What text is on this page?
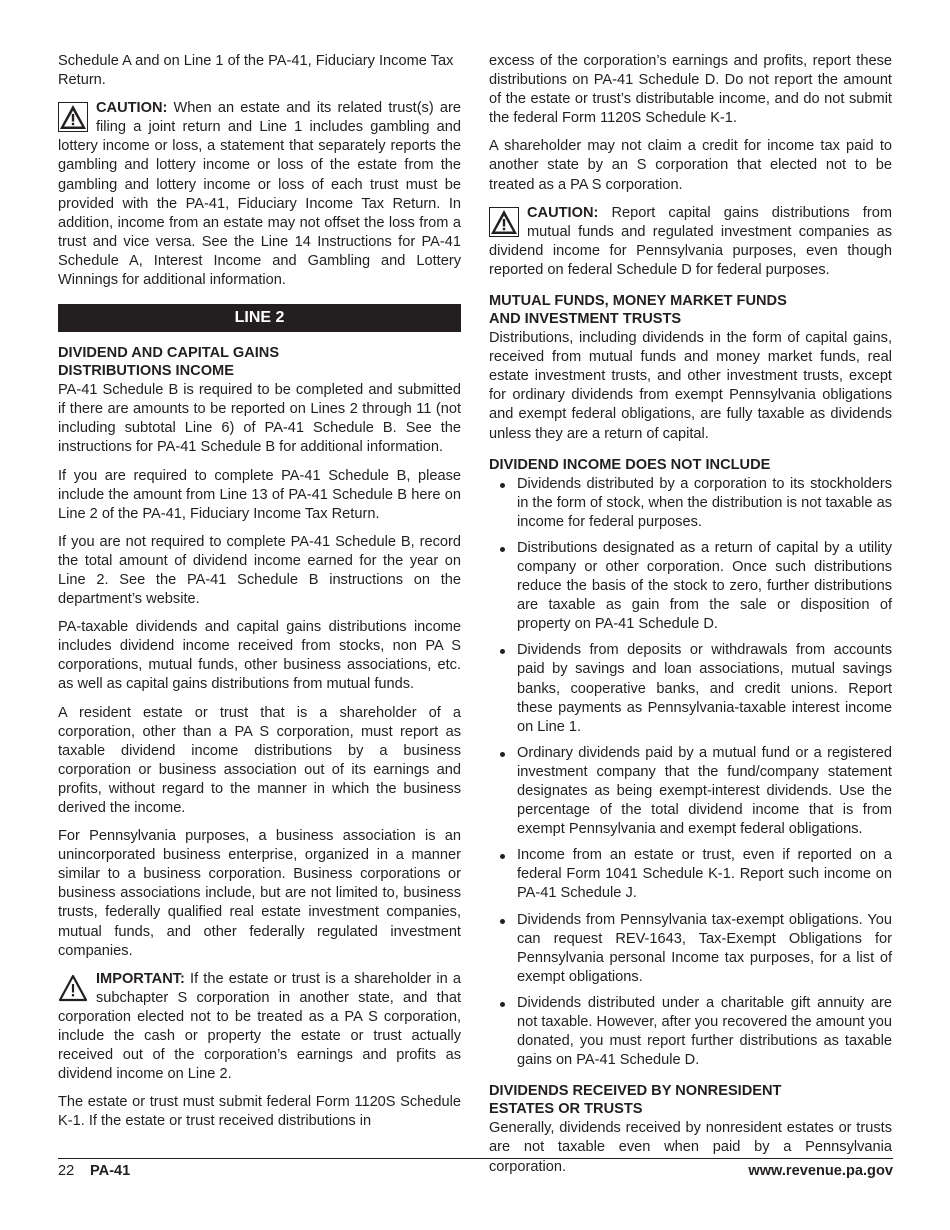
Schedule A and on Line 1 of the PA-41, Fiduciary Income Tax Return.

CAUTION: When an estate and its related trust(s) are filing a joint return and Line 1 includes gambling and lottery income or loss, a statement that separately reports the gambling and lottery income or loss of the estate from the gambling and lottery income or loss of each trust must be provided with the PA-41, Fiduciary Income Tax Return. In addition, income from an estate may not offset the loss from a trust and vice versa. See the Line 14 Instructions for PA-41 Schedule A, Interest Income and Gambling and Lottery Winnings for additional information.
LINE 2
DIVIDEND AND CAPITAL GAINS
DISTRIBUTIONS INCOME

PA-41 Schedule B is required to be completed and submitted if there are amounts to be reported on Lines 2 through 11 (not including subtotal Line 6) of PA-41 Schedule B. See the instructions for PA-41 Schedule B for additional information.

If you are required to complete PA-41 Schedule B, please include the amount from Line 13 of PA-41 Schedule B here on Line 2 of the PA-41, Fiduciary Income Tax Return.

If you are not required to complete PA-41 Schedule B, record the total amount of dividend income earned for the year on Line 2. See the PA-41 Schedule B instructions on the department’s website.

PA-taxable dividends and capital gains distributions income includes dividend income received from stocks, non PA S corporations, mutual funds, other business associations, etc. as well as capital gains distributions from mutual funds.

A resident estate or trust that is a shareholder of a corporation, other than a PA S corporation, must report as taxable dividend income distributions by a business corporation or business association out of its earnings and profits, without regard to the manner in which the business derived the income.

For Pennsylvania purposes, a business association is an unincorporated business enterprise, organized in a manner similar to a business corporation. Business corporations or business associations include, but are not limited to, business trusts, federally qualified real estate investment companies, mutual funds, and other federally regulated investment companies.

IMPORTANT: If the estate or trust is a shareholder in a subchapter S corporation in another state, and that corporation elected not to be treated as a PA S corporation, include the cash or property the estate or trust actually received out of the corporation’s earnings and profits as dividend income on Line 2.

The estate or trust must submit federal Form 1120S Schedule K-1. If the estate or trust received distributions in

excess of the corporation’s earnings and profits, report these distributions on PA-41 Schedule D. Do not report the amount of the estate or trust’s distributable income, and do not submit the federal Form 1120S Schedule K-1.

A shareholder may not claim a credit for income tax paid to another state by an S corporation that elected not to be treated as a PA S corporation.

CAUTION: Report capital gains distributions from mutual funds and regulated investment companies as dividend income for Pennsylvania purposes, even though reported on federal Schedule D for federal purposes.
MUTUAL FUNDS, MONEY MARKET FUNDS
AND INVESTMENT TRUSTS

Distributions, including dividends in the form of capital gains, received from mutual funds and money market funds, real estate investment trusts, and other investment trusts, except for ordinary dividends from exempt Pennsylvania obligations and exempt federal obligations, are fully taxable as dividends unless they are a return of capital.

DIVIDEND INCOME DOES NOT INCLUDE
Dividends distributed by a corporation to its stockholders in the form of stock, when the distribution is not taxable as income for federal purposes.
Distributions designated as a return of capital by a utility company or other corporation. Once such distributions reduce the basis of the stock to zero, further distributions are taxable as gain from the sale or disposition of property on PA-41 Schedule D.
Dividends from deposits or withdrawals from accounts paid by savings and loan associations, mutual savings banks, cooperative banks, and credit unions. Report these payments as Pennsylvania-taxable interest income on Line 1.
Ordinary dividends paid by a mutual fund or a registered investment company that the fund/company statement designates as being exempt-interest dividends. Use the percentage of the total dividend income that is from exempt Pennsylvania and exempt federal obligations.
Income from an estate or trust, even if reported on a federal Form 1041 Schedule K-1. Report such income on PA-41 Schedule J.
Dividends from Pennsylvania tax-exempt obligations. You can request REV-1643, Tax-Exempt Obligations for Pennsylvania personal Income tax purposes, for a list of exempt obligations.
Dividends distributed under a charitable gift annuity are not taxable. However, after you recovered the amount you donated, you must report further distributions as taxable gains on PA-41 Schedule D.
DIVIDENDS RECEIVED BY NONRESIDENT
ESTATES OR TRUSTS

Generally, dividends received by nonresident estates or trusts are not taxable even when paid by a Pennsylvania corporation.

22 PA-41	www.revenue.pa.gov
